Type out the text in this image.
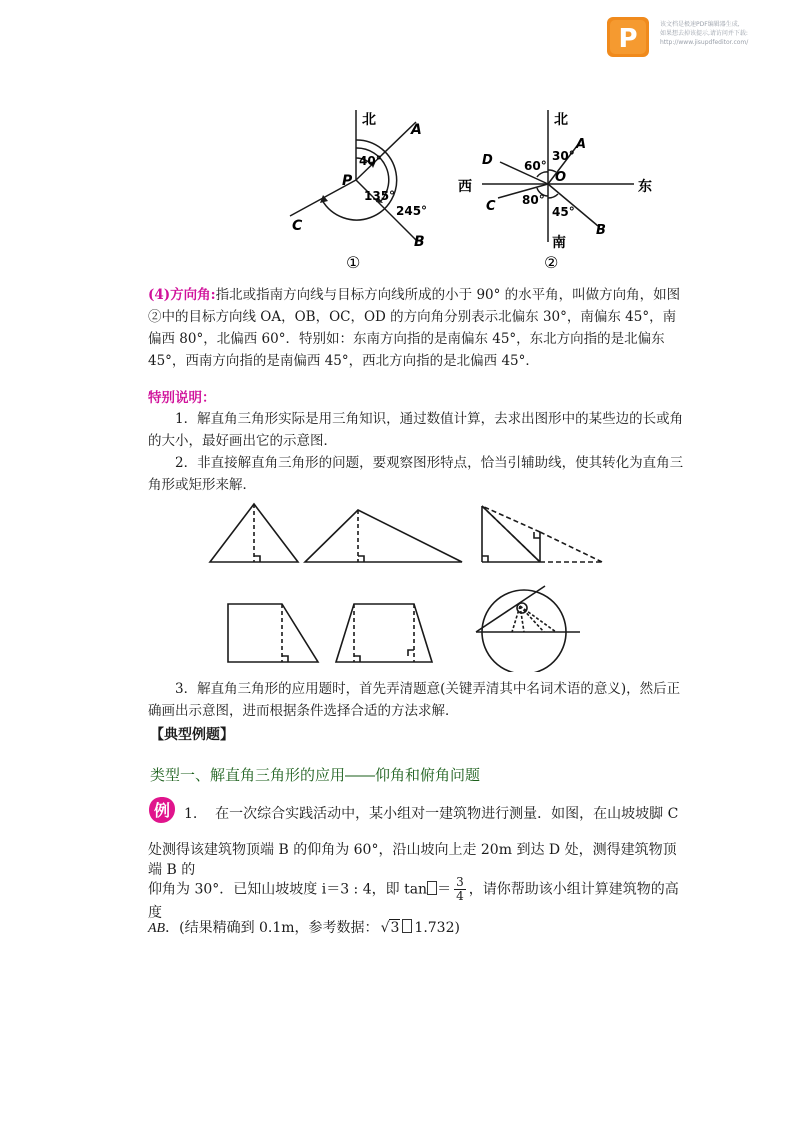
P	该文档是极速PDF编辑器生成,
如果想去掉该提示,请访问并下载:
http://www.jisupdfeditor.com/
北
A
P
40°
135°
245°
C
B
①
北
A
30°
D	60°
O
西	东
C 80°
45°
B
南
②
(4)方向角:指北或指南方向线与目标方向线所成的小于 90° 的水平角，叫做方向角，如图②中的目标方向线 OA，OB，OC，OD 的方向角分别表示北偏东 30°，南偏东 45°，南偏西 80°，北偏西 60°．特别如：东南方向指的是南偏东 45°，东北方向指的是北偏东 45°，西南方向指的是南偏西 45°，西北方向指的是北偏西 45°．
特别说明：
1．解直角三角形实际是用三角知识，通过数值计算，去求出图形中的某些边的长或角的大小，最好画出它的示意图．
2．非直接解直角三角形的问题，要观察图形特点，恰当引辅助线，使其转化为直角三角形或矩形来解．
3．解直角三角形的应用题时，首先弄清题意(关键弄清其中名词术语的意义)，然后正确画出示意图，进而根据条件选择合适的方法求解．
【典型例题】
类型一、解直角三角形的应用——仰角和俯角问题
例 1. 在一次综合实践活动中，某小组对一建筑物进行测量．如图，在山坡坡脚 C
处测得该建筑物顶端 B 的仰角为 60°，沿山坡向上走 20m 到达 D 处，测得建筑物顶端 B 的
仰角为 30°．已知山坡坡度 i＝3 : 4，即 $\tan = \frac{3}{4}$ ，请你帮助该小组计算建筑物的高度
AB．(结果精确到 0.1m，参考数据： √3 1.732)
